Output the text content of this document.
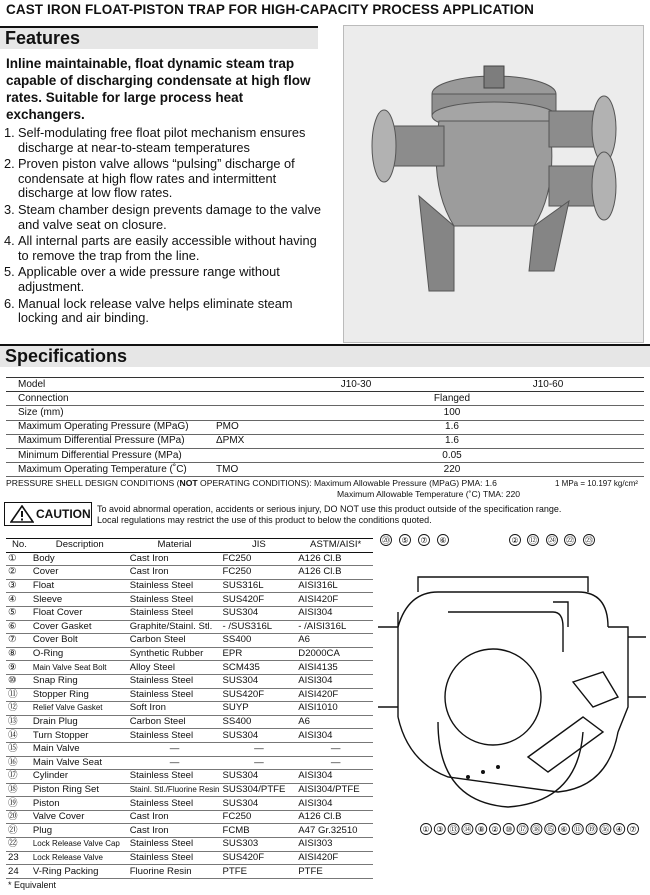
CAST IRON FLOAT-PISTON TRAP FOR HIGH-CAPACITY PROCESS APPLICATION
Features
Inline maintainable, float dynamic steam trap capable of discharging condensate at high flow rates. Suitable for large process heat exchangers.
1. Self-modulating free float pilot mechanism ensures discharge at near-to-steam temperatures
2. Proven piston valve allows “pulsing” discharge of condensate at high flow rates and intermittent discharge at low flow rates.
3. Steam chamber design prevents damage to the valve and valve seat on closure.
4. All internal parts are easily accessible without having to remove the trap from the line.
5. Applicable over a wide pressure range without adjustment.
6. Manual lock release valve helps eliminate steam locking and air binding.
Specifications
Model		J10-30	J10-60
Connection		Flanged	
Size (mm)		100	
Maximum Operating Pressure (MPaG)	PMO	1.6	
Maximum Differential Pressure (MPa)	ΔPMX	1.6	
Minimum Differential Pressure (MPa)		0.05	
Maximum Operating Temperature (˚C)	TMO	220	
PRESSURE SHELL DESIGN CONDITIONS (NOT OPERATING CONDITIONS): Maximum Allowable Pressure (MPaG) PMA: 1.6	1 MPa = 10.197 kg/cm²
Maximum Allowable Temperature (˚C) TMA: 220
CAUTION To avoid abnormal operation, accidents or serious injury, DO NOT use this product outside of the specification range.
Local regulations may restrict the use of this product to below the conditions quoted.
No.	Description	Material	JIS	ASTM/AISI*
①	Body	Cast Iron	FC250	A126 Cl.B
②	Cover	Cast Iron	FC250	A126 Cl.B
③	Float	Stainless Steel	SUS316L	AISI316L
④	Sleeve	Stainless Steel	SUS420F	AISI420F
⑤	Float Cover	Stainless Steel	SUS304	AISI304
⑥	Cover Gasket	Graphite/Stainl. Stl.	- /SUS316L	- /AISI316L
⑦	Cover Bolt	Carbon Steel	SS400	A6
⑧	O-Ring	Synthetic Rubber	EPR	D2000CA
⑨	Main Valve Seat Bolt	Alloy Steel	SCM435	AISI4135
⑩	Snap Ring	Stainless Steel	SUS304	AISI304
⑪	Stopper Ring	Stainless Steel	SUS420F	AISI420F
⑫	Relief Valve Gasket	Soft Iron	SUYP	AISI1010
⑬	Drain Plug	Carbon Steel	SS400	A6
⑭	Turn Stopper	Stainless Steel	SUS304	AISI304
⑮	Main Valve	—	—	—
⑯	Main Valve Seat	—	—	—
⑰	Cylinder	Stainless Steel	SUS304	AISI304
⑱	Piston Ring Set	Stainl. Stl./Fluorine Resin	SUS304/PTFE	AISI304/PTFE
⑲	Piston	Stainless Steel	SUS304	AISI304
⑳	Valve Cover	Cast Iron	FC250	A126 Cl.B
㉑	Plug	Cast Iron	FCMB	A47 Gr.32510
㉒	Lock Release Valve Cap	Stainless Steel	SUS303	AISI303
23	Lock Release Valve	Stainless Steel	SUS420F	AISI420F
24	V-Ring Packing	Fluorine Resin	PTFE	PTFE
* Equivalent
⑳ ⑤ ⑦ ⑥	② ⑫ ㉔ ㉒ ㉓
① ③ ⑬ ⑭ ⑧ ② ⑩ ⑰ ⑱ ⑮ ⑥ ⑪ ⑲ ⑯ ④ ⑦
